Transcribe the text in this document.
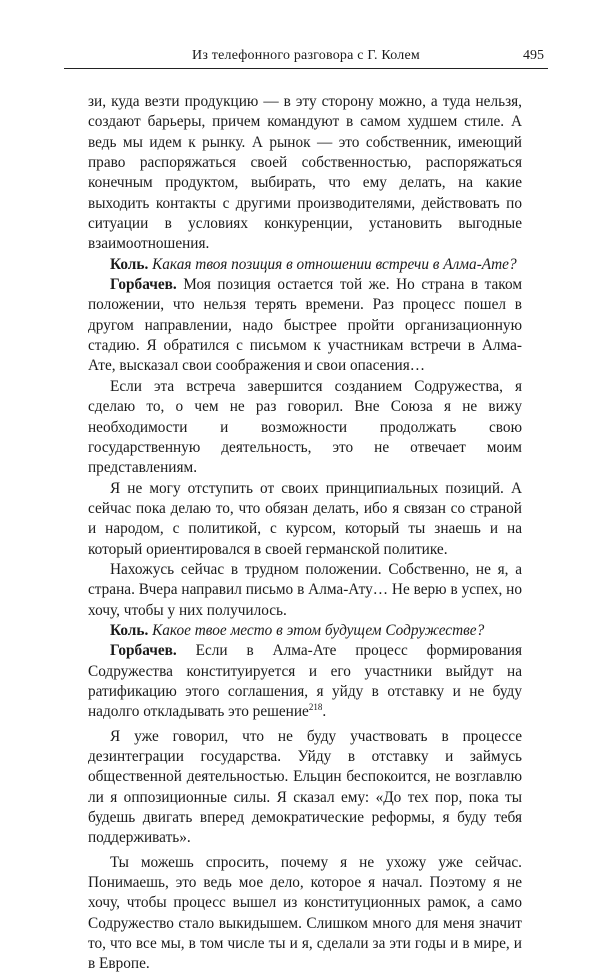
Из телефонного разговора с Г. Колем	495

зи, куда везти продукцию — в эту сторону можно, а туда нельзя, создают барьеры, причем командуют в самом худшем стиле. А ведь мы идем к рынку. А рынок — это собственник, имеющий право распоряжаться своей собственностью, распоряжаться конечным продуктом, выбирать, что ему делать, на какие выходить контакты с другими производителями, действовать по ситуации в условиях конкуренции, установить выгодные взаимоотношения.

Коль. Какая твоя позиция в отношении встречи в Алма-Ате?

Горбачев. Моя позиция остается той же. Но страна в таком положении, что нельзя терять времени. Раз процесс пошел в другом направлении, надо быстрее пройти организационную стадию. Я обратился с письмом к участникам встречи в Алма-Ате, высказал свои соображения и свои опасения…

Если эта встреча завершится созданием Содружества, я сделаю то, о чем не раз говорил. Вне Союза я не вижу необходимости и возможности продолжать свою государственную деятельность, это не отвечает моим представлениям.

Я не могу отступить от своих принципиальных позиций. А сейчас пока делаю то, что обязан делать, ибо я связан со страной и народом, с политикой, с курсом, который ты знаешь и на который ориентировался в своей германской политике.

Нахожусь сейчас в трудном положении. Собственно, не я, а страна. Вчера направил письмо в Алма-Ату… Не верю в успех, но хочу, чтобы у них получилось.

Коль. Какое твое место в этом будущем Содружестве?

Горбачев. Если в Алма-Ате процесс формирования Содружества конституируется и его участники выйдут на ратификацию этого соглашения, я уйду в отставку и не буду надолго откладывать это решение$^{218}$.

Я уже говорил, что не буду участвовать в процессе дезинтеграции государства. Уйду в отставку и займусь общественной деятельностью. Ельцин беспокоится, не возглавлю ли я оппозиционные силы. Я сказал ему: «До тех пор, пока ты будешь двигать вперед демократические реформы, я буду тебя поддерживать».

Ты можешь спросить, почему я не ухожу уже сейчас. Понимаешь, это ведь мое дело, которое я начал. Поэтому я не хочу, чтобы процесс вышел из конституционных рамок, а само Содружество стало выкидышем. Слишком много для меня значит то, что все мы, в том числе ты и я, сделали за эти годы и в мире, и в Европе.
